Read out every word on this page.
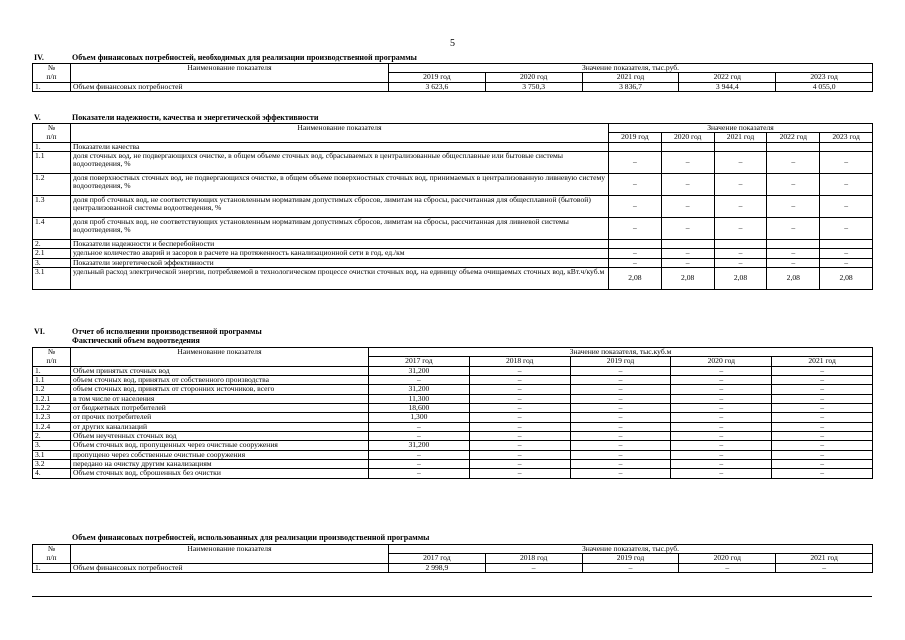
5
IV.	Объем финансовых потребностей, необходимых для реализации производственной программы
№	Наименование показателя	Значение показателя, тыс.руб.				
п/п		2019 год	2020 год	2021 год	2022 год	2023 год
1.	Объем финансовых потребностей	3 623,6	3 750,3	3 836,7	3 944,4	4 055,0
V.	Показатели надежности, качества и энергетической эффективности
№	Наименование показателя	Значение показателя				
п/п		2019 год	2020 год	2021 год	2022 год	2023 год
1.	Показатели качества					
1.1	доля сточных вод, не подвергающихся очистке, в общем объеме сточных вод, сбрасываемых в централизованные общесплавные или бытовые системы водоотведения, %	–	–	–	–	–
1.2	доля поверхностных сточных вод, не подвергающихся очистке, в общем объеме поверхностных сточных вод, принимаемых в централизованную ливневую систему водоотведения, %	–	–	–	–	–
1.3	доля проб сточных вод, не соответствующих установленным нормативам допустимых сбросов, лимитам на сбросы, рассчитанная для общесплавной (бытовой) централизованной системы водоотведения, %	–	–	–	–	–
1.4	доля проб сточных вод, не соответствующих установленным нормативам допустимых сбросов, лимитам на сбросы, рассчитанная для ливневой системы водоотведения, %	–	–	–	–	–
2.	Показатели надежности и бесперебойности					
2.1	удельное количество аварий и засоров в расчете на протяженность канализационной сети в год, ед./км	–	–	–	–	–
3.	Показатели энергетической эффективности	–	–	–	–	–
3.1	удельный расход электрической энергии, потребляемой в технологическом процессе очистки сточных вод, на единицу объема очищаемых сточных вод, кВт.ч/куб.м	2,08	2,08	2,08	2,08	2,08
VI.	Отчет об исполнении производственной программы
Фактический объем водоотведения
№	Наименование показателя	Значение показателя, тыс.куб.м				
п/п		2017 год	2018 год	2019 год	2020 год	2021 год
1.	Объем принятых сточных вод	31,200	–	–	–	–
1.1	объем сточных вод, принятых от собственного производства	–	–	–	–	–
1.2	объем сточных вод, принятых от сторонних источников, всего	31,200	–	–	–	–
1.2.1	в том числе от населения	11,300	–	–	–	–
1.2.2	от бюджетных потребителей	18,600	–	–	–	–
1.2.3	от прочих потребителей	1,300	–	–	–	–
1.2.4	от других канализаций	–	–	–	–	–
2.	Объем неучтенных сточных вод	–	–	–	–	–
3.	Объем сточных вод, пропущенных через очистные сооружения	31,200	–	–	–	–
3.1	пропущено через собственные очистные сооружения	–	–	–	–	–
3.2	передано на очистку другим канализациям	–	–	–	–	–
4.	Объем сточных вод, сброшенных без очистки	–	–	–	–	–
Объем финансовых потребностей, использованных для реализации производственной программы
№	Наименование показателя	Значение показателя, тыс.руб.				
п/п		2017 год	2018 год	2019 год	2020 год	2021 год
1.	Объем финансовых потребностей	2 998,9	–	–	–	–
